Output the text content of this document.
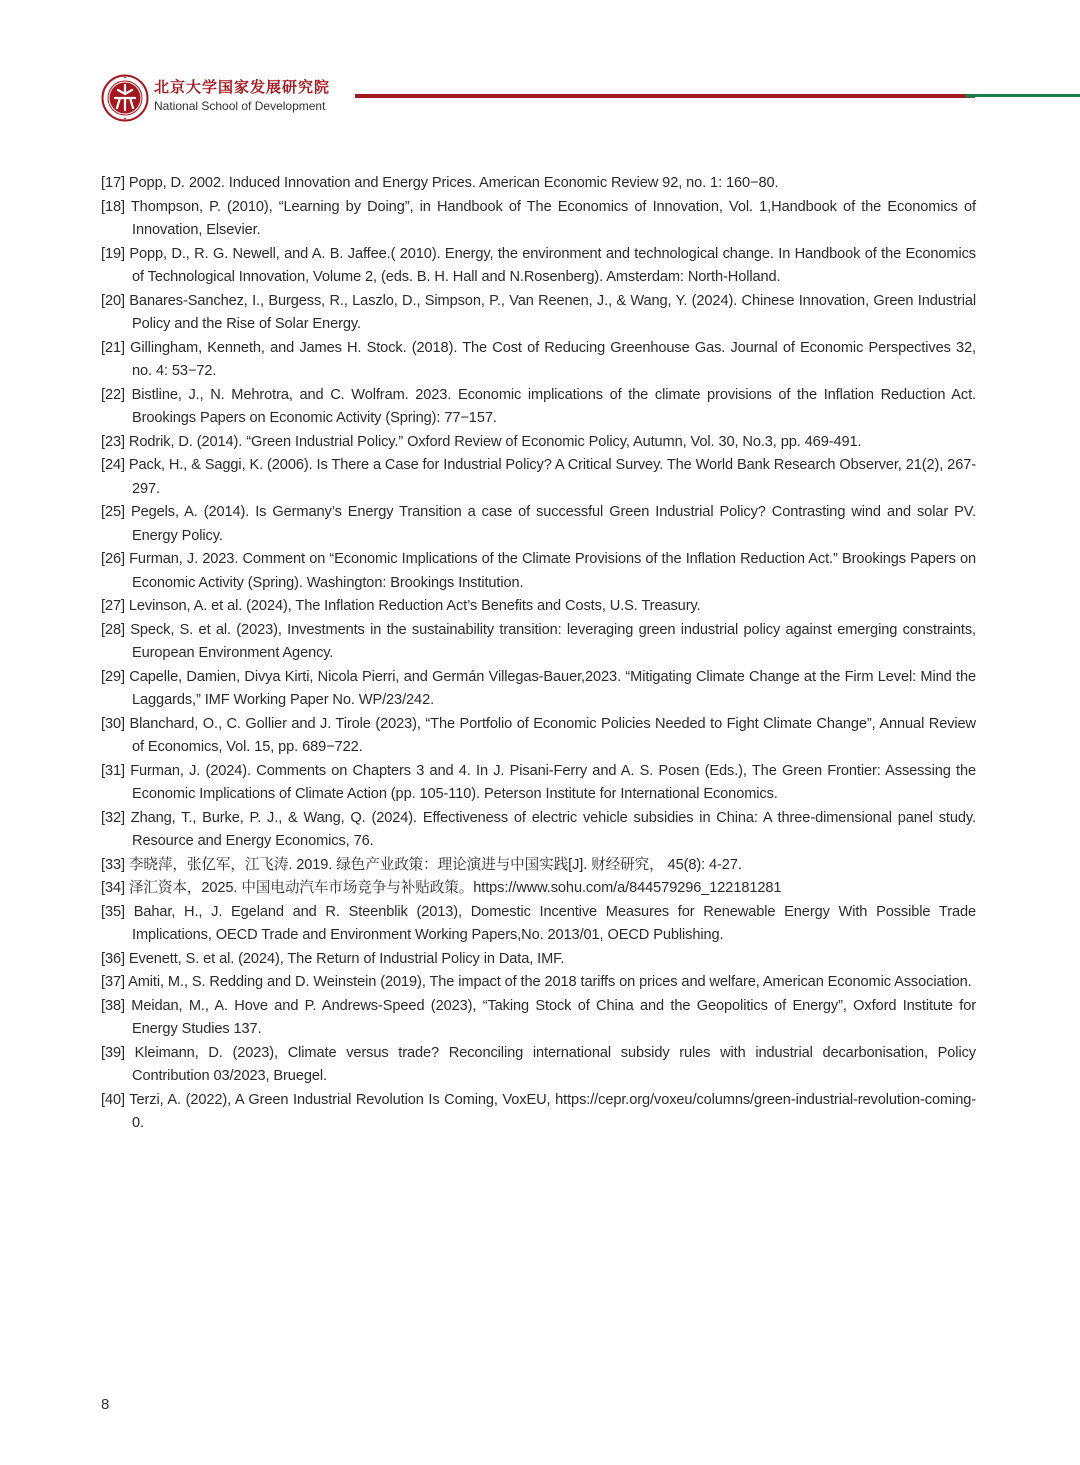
北京大学国家发展研究院
National School of Development
[17] Popp, D. 2002. Induced Innovation and Energy Prices. American Economic Review 92, no. 1: 160−80.
[18] Thompson, P. (2010), “Learning by Doing”, in Handbook of The Economics of Innovation, Vol. 1,Handbook of the Economics of Innovation, Elsevier.
[19] Popp, D., R. G. Newell, and A. B. Jaffee.( 2010). Energy, the environment and technological change. In Handbook of the Economics of Technological Innovation, Volume 2, (eds. B. H. Hall and N.Rosenberg). Amsterdam: North-Holland.
[20] Banares-Sanchez, I., Burgess, R., Laszlo, D., Simpson, P., Van Reenen, J., & Wang, Y. (2024). Chinese Innovation, Green Industrial Policy and the Rise of Solar Energy.
[21] Gillingham, Kenneth, and James H. Stock. (2018). The Cost of Reducing Greenhouse Gas. Journal of Economic Perspectives 32, no. 4: 53−72.
[22] Bistline, J., N. Mehrotra, and C. Wolfram. 2023. Economic implications of the climate provisions of the Inflation Reduction Act. Brookings Papers on Economic Activity (Spring): 77−157.
[23] Rodrik, D. (2014). “Green Industrial Policy.” Oxford Review of Economic Policy, Autumn, Vol. 30, No.3, pp. 469-491.
[24] Pack, H., & Saggi, K. (2006). Is There a Case for Industrial Policy? A Critical Survey. The World Bank Research Observer, 21(2), 267-297.
[25] Pegels, A. (2014). Is Germany’s Energy Transition a case of successful Green Industrial Policy? Contrasting wind and solar PV. Energy Policy.
[26] Furman, J. 2023. Comment on “Economic Implications of the Climate Provisions of the Inflation Reduction Act.” Brookings Papers on Economic Activity (Spring). Washington: Brookings Institution.
[27] Levinson, A. et al. (2024), The Inflation Reduction Act’s Benefits and Costs, U.S. Treasury.
[28] Speck, S. et al. (2023), Investments in the sustainability transition: leveraging green industrial policy against emerging constraints, European Environment Agency.
[29] Capelle, Damien, Divya Kirti, Nicola Pierri, and Germán Villegas-Bauer,2023. “Mitigating Climate Change at the Firm Level: Mind the Laggards,” IMF Working Paper No. WP/23/242.
[30] Blanchard, O., C. Gollier and J. Tirole (2023), “The Portfolio of Economic Policies Needed to Fight Climate Change”, Annual Review of Economics, Vol. 15, pp. 689−722.
[31] Furman, J. (2024). Comments on Chapters 3 and 4. In J. Pisani-Ferry and A. S. Posen (Eds.), The Green Frontier: Assessing the Economic Implications of Climate Action (pp. 105-110). Peterson Institute for International Economics.
[32] Zhang, T., Burke, P. J., & Wang, Q. (2024). Effectiveness of electric vehicle subsidies in China: A three-dimensional panel study. Resource and Energy Economics, 76.
[33] 李晓萍，张亿军，江飞涛. 2019. 绿色产业政策：理论演进与中国实践[J]. 财经研究， 45(8): 4-27.
[34] 泽汇资本，2025. 中国电动汽车市场竞争与补贴政策。https://www.sohu.com/a/844579296_122181281
[35] Bahar, H., J. Egeland and R. Steenblik (2013), Domestic Incentive Measures for Renewable Energy With Possible Trade Implications, OECD Trade and Environment Working Papers,No. 2013/01, OECD Publishing.
[36] Evenett, S. et al. (2024), The Return of Industrial Policy in Data, IMF.
[37] Amiti, M., S. Redding and D. Weinstein (2019), The impact of the 2018 tariffs on prices and welfare, American Economic Association.
[38] Meidan, M., A. Hove and P. Andrews-Speed (2023), “Taking Stock of China and the Geopolitics of Energy”, Oxford Institute for Energy Studies 137.
[39] Kleimann, D. (2023), Climate versus trade? Reconciling international subsidy rules with industrial decarbonisation, Policy Contribution 03/2023, Bruegel.
[40] Terzi, A. (2022), A Green Industrial Revolution Is Coming, VoxEU, https://cepr.org/voxeu/columns/green-industrial-revolution-coming-0.
8
